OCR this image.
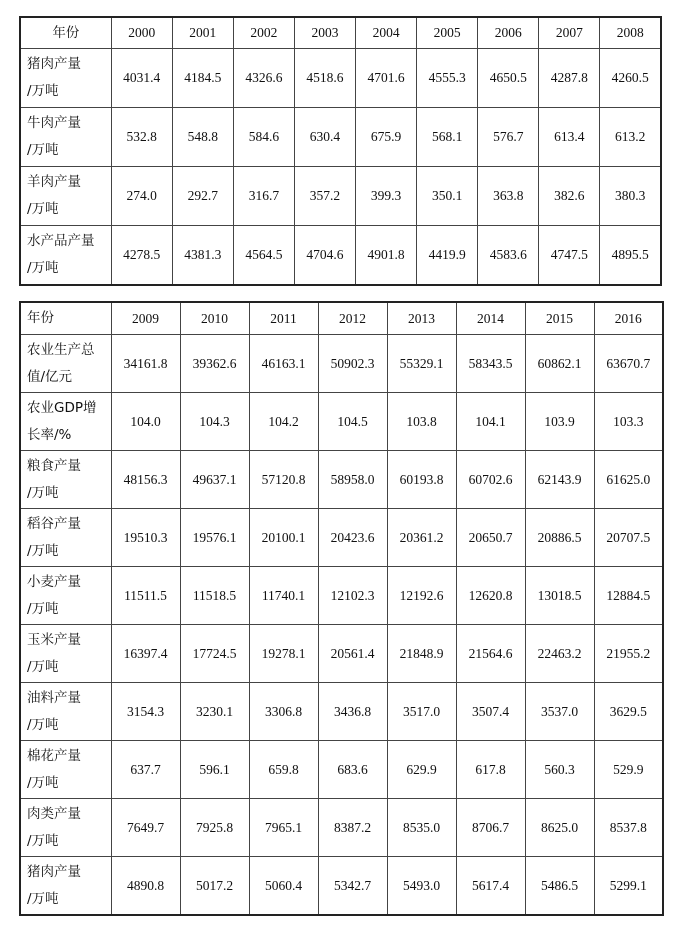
年份	2000	2001	2002	2003	2004	2005	2006	2007	2008

猪肉产量
/万吨	4031.4	4184.5	4326.6	4518.6	4701.6	4555.3	4650.5	4287.8	4260.5

牛肉产量
/万吨	532.8	548.8	584.6	630.4	675.9	568.1	576.7	613.4	613.2

羊肉产量
/万吨	274.0	292.7	316.7	357.2	399.3	350.1	363.8	382.6	380.3

水产品产量
/万吨	4278.5	4381.3	4564.5	4704.6	4901.8	4419.9	4583.6	4747.5	4895.5
年份	2009	2010	2011	2012	2013	2014	2015	2016

农业生产总
值/亿元	34161.8	39362.6	46163.1	50902.3	55329.1	58343.5	60862.1	63670.7

农业GDP增
长率/%	104.0	104.3	104.2	104.5	103.8	104.1	103.9	103.3

粮食产量
/万吨	48156.3	49637.1	57120.8	58958.0	60193.8	60702.6	62143.9	61625.0

稻谷产量
/万吨	19510.3	19576.1	20100.1	20423.6	20361.2	20650.7	20886.5	20707.5

小麦产量
/万吨	11511.5	11518.5	11740.1	12102.3	12192.6	12620.8	13018.5	12884.5

玉米产量
/万吨	16397.4	17724.5	19278.1	20561.4	21848.9	21564.6	22463.2	21955.2

油料产量
/万吨	3154.3	3230.1	3306.8	3436.8	3517.0	3507.4	3537.0	3629.5

棉花产量
/万吨	637.7	596.1	659.8	683.6	629.9	617.8	560.3	529.9

肉类产量
/万吨	7649.7	7925.8	7965.1	8387.2	8535.0	8706.7	8625.0	8537.8

猪肉产量
/万吨	4890.8	5017.2	5060.4	5342.7	5493.0	5617.4	5486.5	5299.1
